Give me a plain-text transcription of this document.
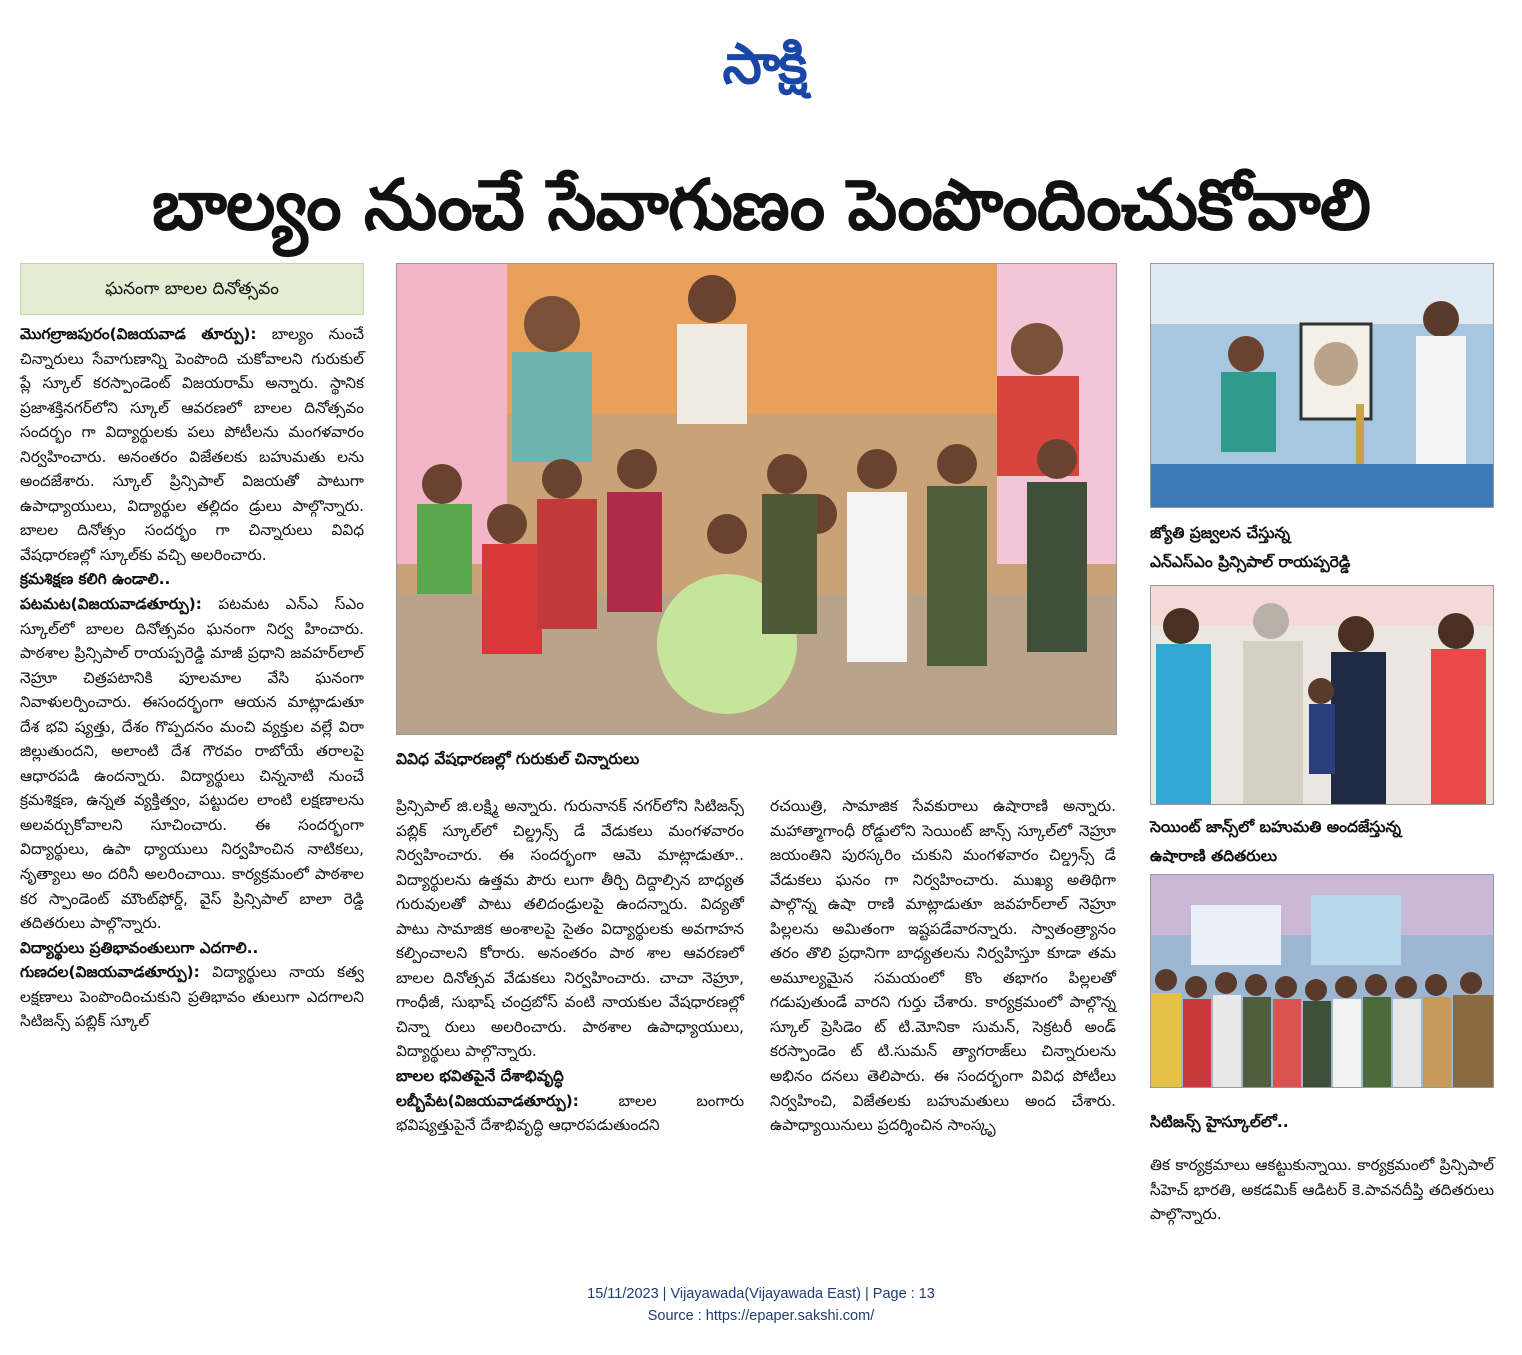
సాక్షి
బాల్యం నుంచే సేవాగుణం పెంపొందించుకోవాలి
ఘనంగా బాలల దినోత్సవం

మొగల్రాజపురం(విజయవాడ తూర్పు): బాల్యం నుంచే చిన్నారులు సేవాగుణాన్ని పెంపొంది చుకోవాలని గురుకుల్ ప్లే స్కూల్ కరస్పాండెంట్ విజయరామ్ అన్నారు. స్థానిక ప్రజాశక్తినగర్‌లోని స్కూల్ ఆవరణలో బాలల దినోత్సవం సందర్భం గా విద్యార్థులకు పలు పోటీలను మంగళవారం నిర్వహించారు. అనంతరం విజేతలకు బహుమతు లను అందజేశారు. స్కూల్ ప్రిన్సిపాల్ విజయతో పాటుగా ఉపాధ్యాయులు, విద్యార్థుల తల్లిదం డ్రులు పాల్గొన్నారు. బాలల దినోత్సం సందర్భం గా చిన్నారులు వివిధ వేషధారణల్లో స్కూల్‌కు వచ్చి అలరించారు.

క్రమశిక్షణ కలిగి ఉండాలి..

పటమట(విజయవాడతూర్పు): పటమట ఎన్ఎ స్ఎం స్కూల్‌లో బాలల దినోత్సవం ఘనంగా నిర్వ హించారు. పాఠశాల ప్రిన్సిపాల్ రాయప్పరెడ్డి మాజీ ప్రధాని జవహర్‌లాల్ నెహ్రూ చిత్రపటానికి పూలమాల వేసి ఘనంగా నివాళులర్పించారు. ఈసందర్భంగా ఆయన మాట్లాడుతూ దేశ భవి ష్యత్తు, దేశం గొప్పదనం మంచి వ్యక్తుల వల్లే విరా జిల్లుతుందని, అలాంటి దేశ గౌరవం రాబోయే తరాలపై ఆధారపడి ఉందన్నారు. విద్యార్థులు చిన్ననాటి నుంచే క్రమశిక్షణ, ఉన్నత వ్యక్తిత్వం, పట్టుదల లాంటి లక్షణాలను అలవర్చుకోవాలని సూచించారు. ఈ సందర్భంగా విద్యార్థులు, ఉపా ధ్యాయులు నిర్వహించిన నాటికలు, నృత్యాలు అం దరినీ అలరించాయి. కార్యక్రమంలో పాఠశాల కర స్పాండెంట్ మౌంట్‌ఫోర్డ్, వైస్ ప్రిన్సిపాల్ బాలా రెడ్డి తదితరులు పాల్గొన్నారు.

విద్యార్థులు ప్రతిభావంతులుగా ఎదగాలి..

గుణదల(విజయవాడతూర్పు): విద్యార్థులు నాయ కత్వ లక్షణాలు పెంపొందించుకుని ప్రతిభావం తులుగా ఎదగాలని సిటిజన్స్ పబ్లిక్ స్కూల్

వివిధ వేషధారణల్లో గురుకుల్ చిన్నారులు

ప్రిన్సిపాల్ జి.లక్ష్మి అన్నారు. గురునానక్ నగర్‌లోని సిటిజన్స్ పబ్లిక్ స్కూల్‌లో చిల్డ్రన్స్ డే వేడుకలు మంగళవారం నిర్వహించారు. ఈ సందర్భంగా ఆమె మాట్లాడుతూ.. విద్యార్థులను ఉత్తమ పౌరు లుగా తీర్చి దిద్దాల్సిన బాధ్యత గురువులతో పాటు తలిదండ్రులపై ఉందన్నారు. విద్యతో పాటు సామాజిక అంశాలపై సైతం విద్యార్థులకు అవగాహన కల్పించాలని కోరారు. అనంతరం పాఠ శాల ఆవరణలో బాలల దినోత్సవ వేడుకలు నిర్వహించారు. చాచా నెహ్రూ, గాంధీజీ, సుభాష్ చంద్రబోస్ వంటి నాయకుల వేషధారణల్లో చిన్నా రులు అలరించారు. పాఠశాల ఉపాధ్యాయులు, విద్యార్థులు పాల్గొన్నారు.

బాలల భవితపైనే దేశాభివృద్ధి

లబ్బీపేట(విజయవాడతూర్పు): బాలల బంగారు భవిష్యత్తుపైనే దేశాభివృద్ధి ఆధారపడుతుందని

రచయిత్రి, సామాజిక సేవకురాలు ఉషారాణి అన్నారు. మహాత్మాగాంధీ రోడ్డులోని సెయింట్ జాన్స్ స్కూల్‌లో నెహ్రూ జయంతిని పురస్కరిం చుకుని మంగళవారం చిల్డ్రన్స్ డే వేడుకలు ఘనం గా నిర్వహించారు. ముఖ్య అతిథిగా పాల్గొన్న ఉషా రాణి మాట్లాడుతూ జవహర్‌లాల్ నెహ్రూ పిల్లలను అమితంగా ఇష్టపడేవారన్నారు. స్వాతంత్ర్యానం తరం తొలి ప్రధానిగా బాధ్యతలను నిర్వహిస్తూ కూడా తమ అమూల్యమైన సమయంలో కొం తభాగం పిల్లలతో గడుపుతుండే వారని గుర్తు చేశారు. కార్యక్రమంలో పాల్గొన్న స్కూల్ ప్రెసిడెం ట్ టి.మోనికా సుమన్, సెక్రటరీ అండ్ కరస్పాండెం ట్ టి.సుమన్ త్యాగరాజ్‌లు చిన్నారులను అభినం దనలు తెలిపారు. ఈ సందర్భంగా వివిధ పోటీలు నిర్వహించి, విజేతలకు బహుమతులు అంద చేశారు. ఉపాధ్యాయినులు ప్రదర్శించిన సాంస్కృ

జ్యోతి ప్రజ్వలన చేస్తున్న
ఎన్ఎస్ఎం ప్రిన్సిపాల్ రాయప్పరెడ్డి
సెయింట్ జాన్స్‌లో బహుమతి అందజేస్తున్న
ఉషారాణి తదితరులు
సిటిజన్స్ హైస్కూల్‌లో..

తిక కార్యక్రమాలు ఆకట్టుకున్నాయి. కార్యక్రమంలో ప్రిన్సిపాల్ సీహెచ్ భారతి, అకడమిక్ ఆడిటర్ కె.పావనదీప్తి తదితరులు పాల్గొన్నారు.

15/11/2023 | Vijayawada(Vijayawada East) | Page : 13
Source : https://epaper.sakshi.com/
